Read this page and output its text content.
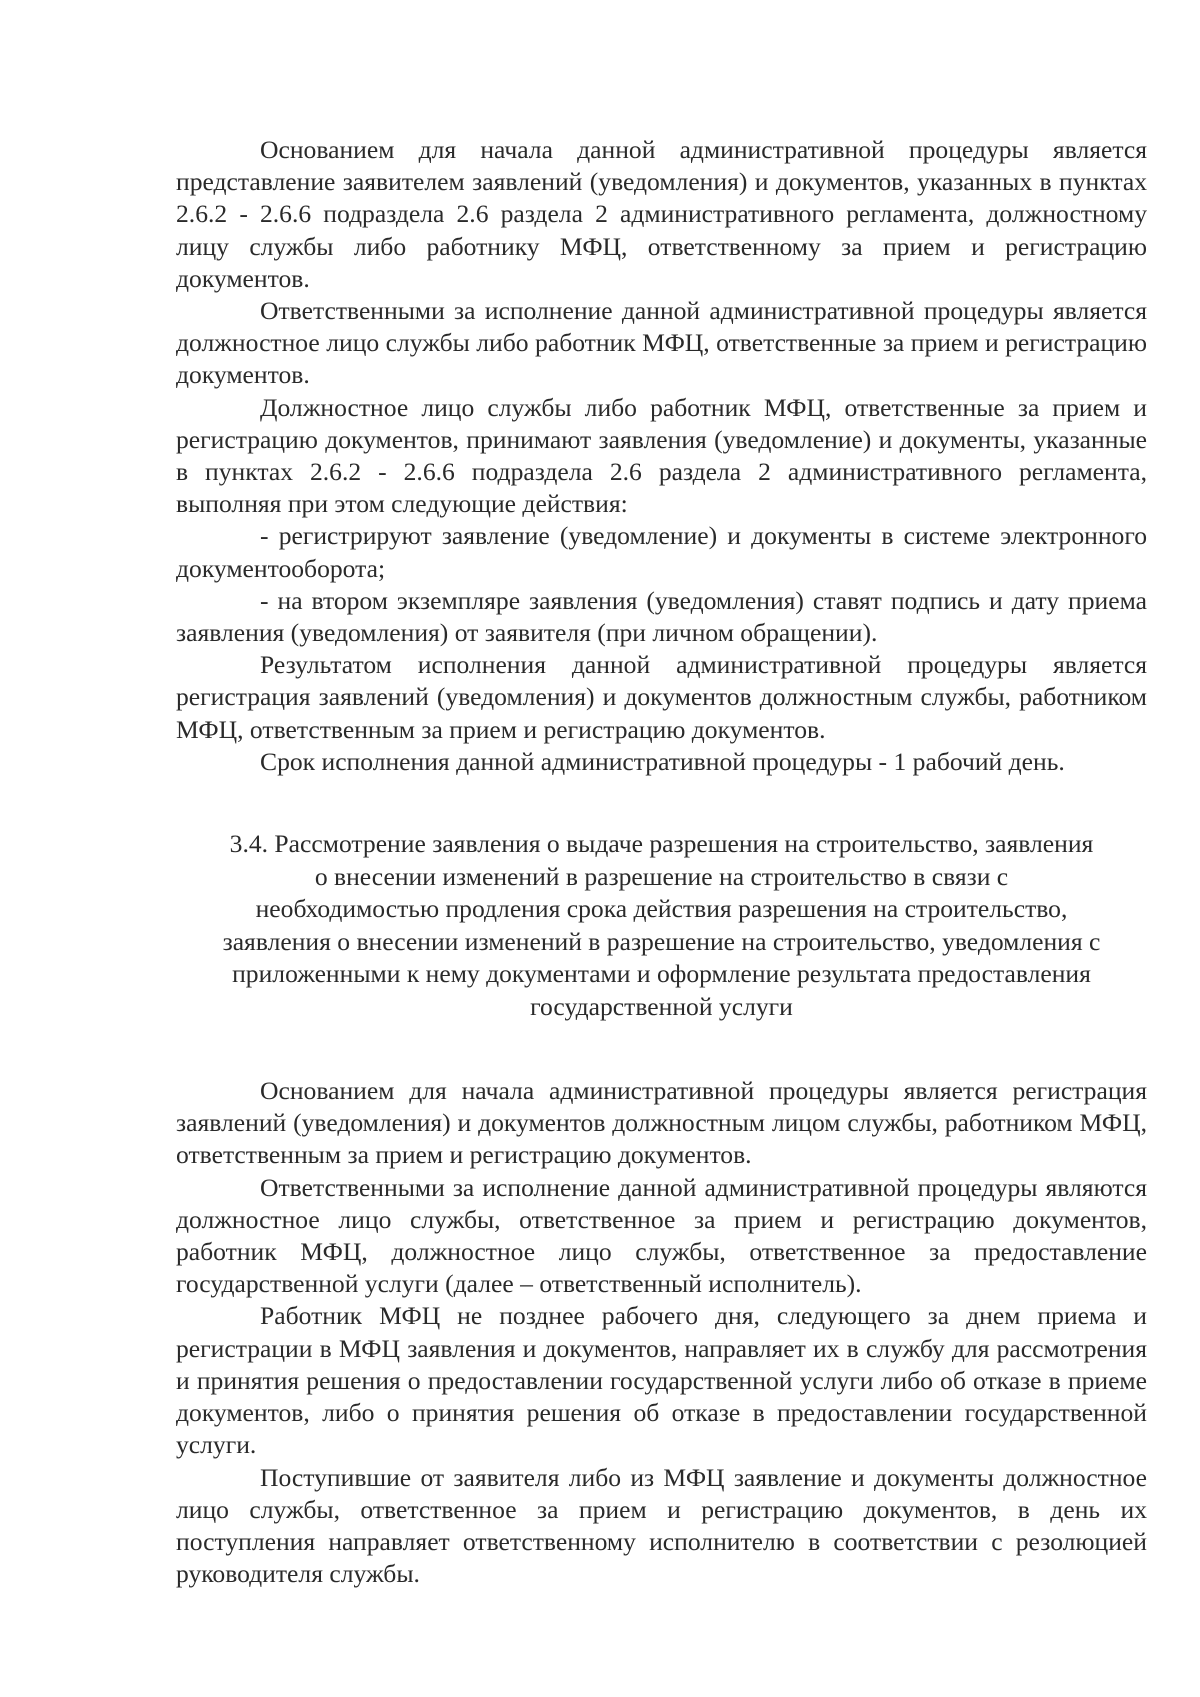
Основанием для начала данной административной процедуры является представление заявителем заявлений (уведомления) и документов, указанных в пунктах 2.6.2 - 2.6.6 подраздела 2.6 раздела 2 административного регламента, должностному лицу службы либо работнику МФЦ, ответственному за прием и регистрацию документов.

Ответственными за исполнение данной административной процедуры является должностное лицо службы либо работник МФЦ, ответственные за прием и регистрацию документов.

Должностное лицо службы либо работник МФЦ, ответственные за прием и регистрацию документов, принимают заявления (уведомление) и документы, указанные в пунктах 2.6.2 - 2.6.6 подраздела 2.6 раздела 2 административного регламента, выполняя при этом следующие действия:

- регистрируют заявление (уведомление) и документы в системе электронного документооборота;

- на втором экземпляре заявления (уведомления) ставят подпись и дату приема заявления (уведомления) от заявителя (при личном обращении).

Результатом исполнения данной административной процедуры является регистрация заявлений (уведомления) и документов должностным службы, работником МФЦ, ответственным за прием и регистрацию документов.

Срок исполнения данной административной процедуры - 1 рабочий день.

3.4. Рассмотрение заявления о выдаче разрешения на строительство, заявления
о внесении изменений в разрешение на строительство в связи с
необходимостью продления срока действия разрешения на строительство,
заявления о внесении изменений в разрешение на строительство, уведомления с
приложенными к нему документами и оформление результата предоставления
государственной услуги

Основанием для начала административной процедуры является регистрация заявлений (уведомления) и документов должностным лицом службы, работником МФЦ, ответственным за прием и регистрацию документов.

Ответственными за исполнение данной административной процедуры являются должностное лицо службы, ответственное за прием и регистрацию документов, работник МФЦ, должностное лицо службы, ответственное за предоставление государственной услуги (далее – ответственный исполнитель).

Работник МФЦ не позднее рабочего дня, следующего за днем приема и регистрации в МФЦ заявления и документов, направляет их в службу для рассмотрения и принятия решения о предоставлении государственной услуги либо об отказе в приеме документов, либо о принятия решения об отказе в предоставлении государственной услуги.

Поступившие от заявителя либо из МФЦ заявление и документы должностное лицо службы, ответственное за прием и регистрацию документов, в день их поступления направляет ответственному исполнителю в соответствии с резолюцией руководителя службы.
